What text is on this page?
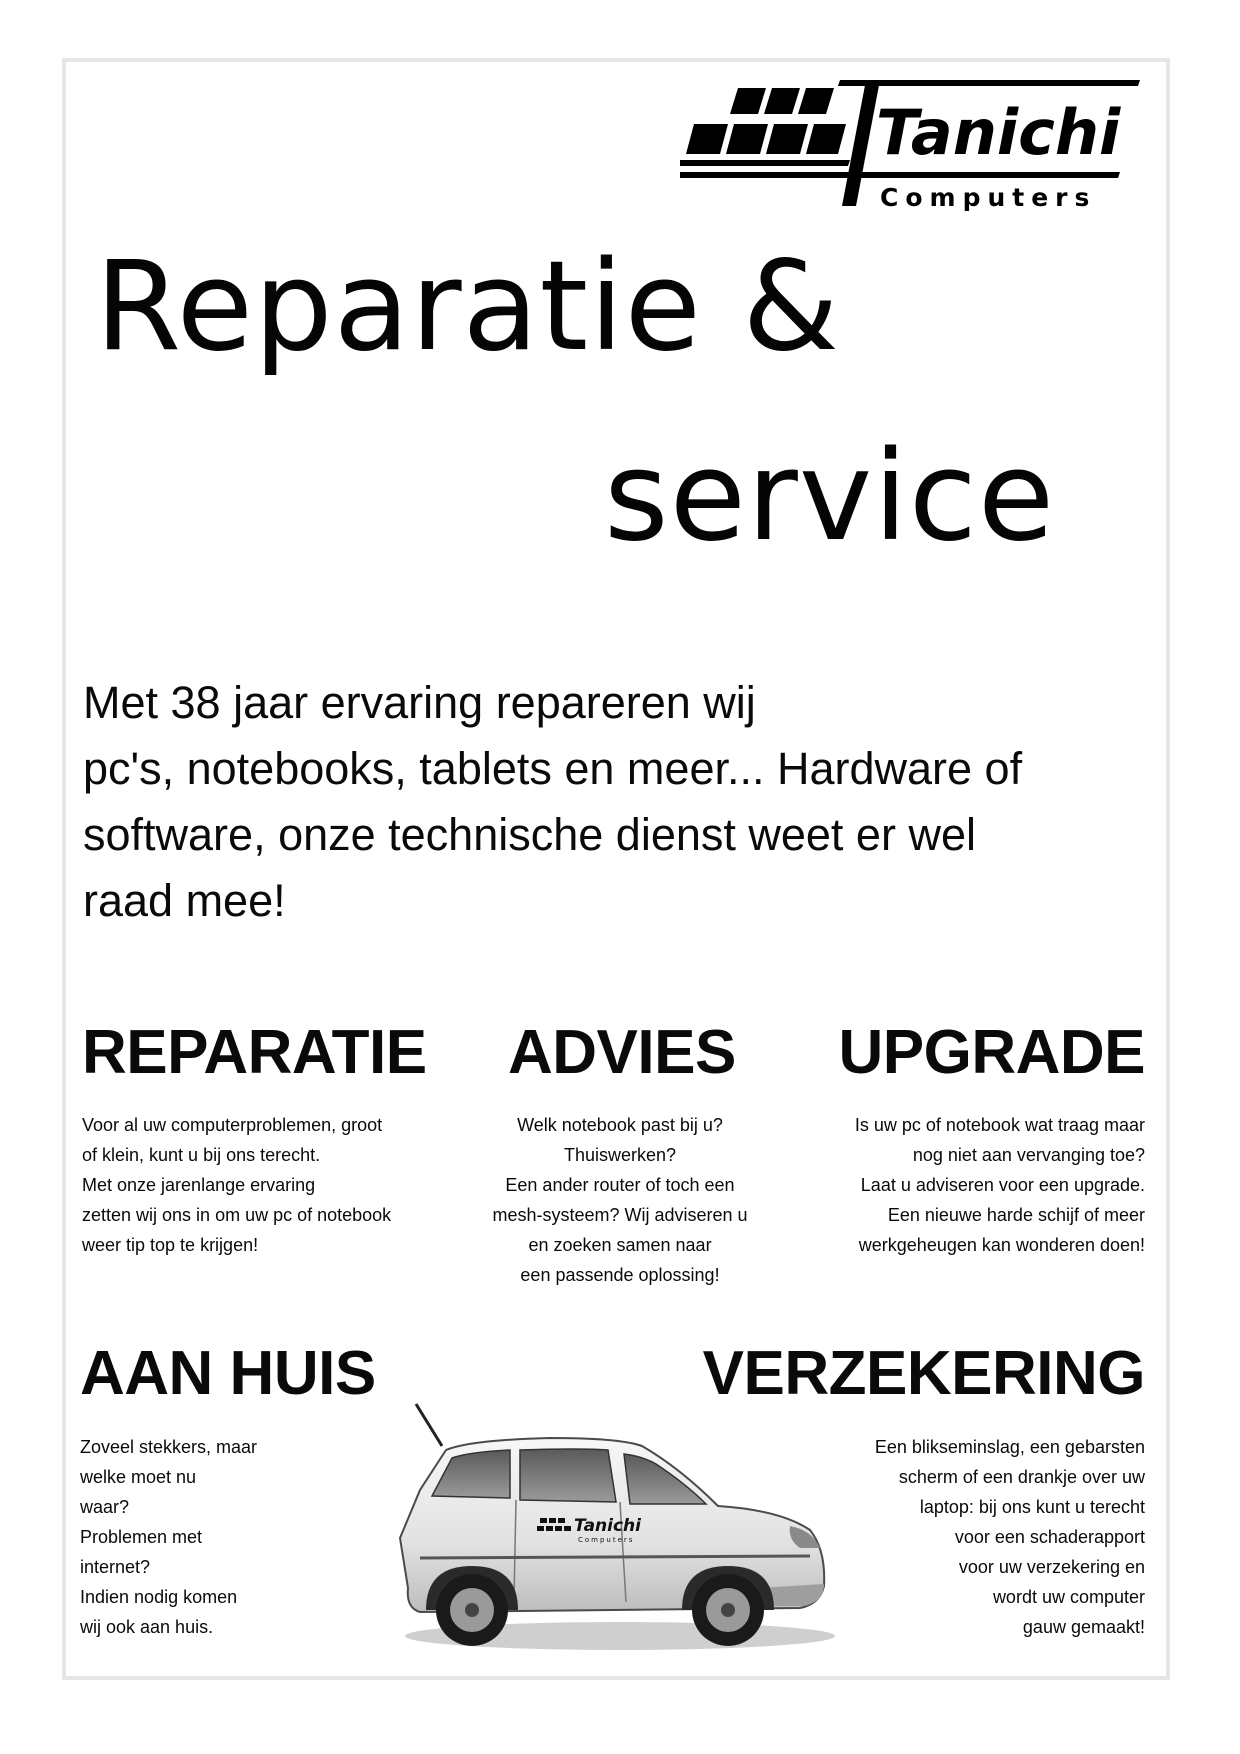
Tanichi
Computers
Reparatie &
service

Met 38 jaar ervaring repareren wij
pc's, notebooks, tablets en meer... Hardware of
software, onze technische dienst weet er wel
raad mee!

REPARATIE

Voor al uw computerproblemen, groot
of klein, kunt u bij ons terecht.
Met onze jarenlange ervaring
zetten wij ons in om uw pc of notebook
weer tip top te krijgen!

ADVIES

Welk notebook past bij u?
Thuiswerken?
Een ander router of toch een
mesh-systeem? Wij adviseren u
en zoeken samen naar
een passende oplossing!

UPGRADE

Is uw pc of notebook wat traag maar
nog niet aan vervanging toe?
Laat u adviseren voor een upgrade.
Een nieuwe harde schijf of meer
werkgeheugen kan wonderen doen!

AAN HUIS

Zoveel stekkers, maar
welke moet nu
waar?
Problemen met
internet?
Indien nodig komen
wij ook aan huis.

VERZEKERING

Een blikseminslag, een gebarsten
scherm of een drankje over uw
laptop: bij ons kunt u terecht
voor een schaderapport
voor uw verzekering en
wordt uw computer
gauw gemaakt!

Tanichi
Computers
